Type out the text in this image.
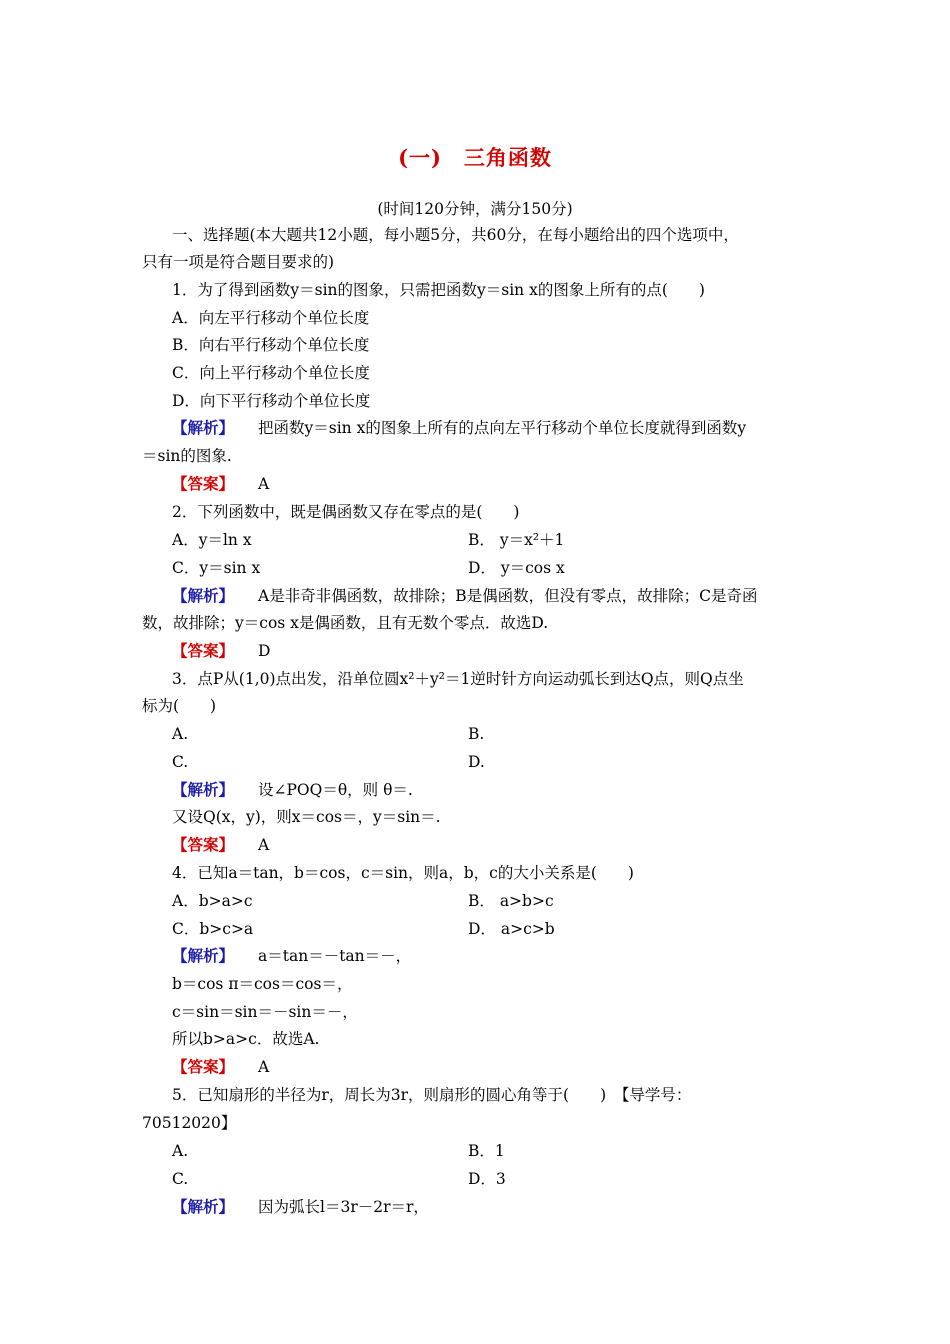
(一)　三角函数
(时间120分钟，满分150分)
一、选择题(本大题共12小题，每小题5分，共60分，在每小题给出的四个选项中，
只有一项是符合题目要求的)
1．为了得到函数y＝sin的图象，只需把函数y＝sin x的图象上所有的点(　　)
A．向左平行移动个单位长度
B．向右平行移动个单位长度
C．向上平行移动个单位长度
D．向下平行移动个单位长度
【解析】 把函数y＝sin x的图象上所有的点向左平行移动个单位长度就得到函数y
＝sin的图象.
【答案】 A
2．下列函数中，既是偶函数又存在零点的是(　　)
A．y＝ln x	B． y＝x²＋1
C．y＝sin x	D． y＝cos x
【解析】 A是非奇非偶函数，故排除；B是偶函数，但没有零点，故排除；C是奇函
数，故排除；y＝cos x是偶函数，且有无数个零点．故选D.
【答案】 D
3．点P从(1,0)点出发，沿单位圆x²＋y²＝1逆时针方向运动弧长到达Q点，则Q点坐
标为(　　)
A.	B.
C.	D.
【解析】 设∠POQ＝θ，则 θ＝.
又设Q(x，y)，则x＝cos＝，y＝sin＝.
【答案】 A
4．已知a＝tan，b＝cos，c＝sin，则a，b，c的大小关系是(　　)
A．b>a>c	B． a>b>c
C．b>c>a	D． a>c>b
【解析】 a＝tan＝－tan＝－，
b＝cos π＝cos＝cos＝，
c＝sin＝sin＝－sin＝－，
所以b>a>c．故选A.
【答案】 A
5．已知扇形的半径为r，周长为3r，则扇形的圆心角等于(　　)　【导学号：
70512020】
A.	B．1
C.	D．3
【解析】 因为弧长l＝3r－2r＝r，
